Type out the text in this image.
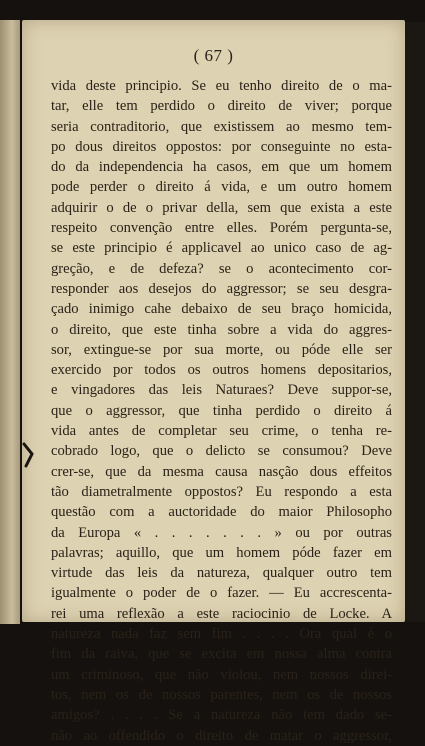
( 67 )
vida deste principio. Se eu tenho direito de o ma-
tar, elle tem perdido o direito de viver; porque
seria contraditorio, que existissem ao mesmo tem-
po dous direitos oppostos: por conseguinte no esta-
do da independencia ha casos, em que um homem
pode perder o direito á vida, e um outro homem
adquirir o de o privar della, sem que exista a este
respeito convenção entre elles. Porém pergunta-se,
se este principio é applicavel ao unico caso de ag-
greção, e de defeza? se o acontecimento cor-
responder aos desejos do aggressor; se seu desgra-
çado inimigo cahe debaixo de seu braço homicida,
o direito, que este tinha sobre a vida do aggres-
sor, extingue-se por sua morte, ou póde elle ser
exercido por todos os outros homens depositarios,
e vingadores das leis Naturaes? Deve suppor-se,
que o aggressor, que tinha perdido o direito á
vida antes de completar seu crime, o tenha re-
cobrado logo, que o delicto se consumou? Deve
crer-se, que da mesma causa nasção dous effeitos
tão diametralmente oppostos? Eu respondo a esta
questão com a auctoridade do maior Philosopho
da Europa « . . . . . . . » ou por outras
palavras; aquillo, que um homem póde fazer em
virtude das leis da natureza, qualquer outro tem
igualmente o poder de o fazer. — Eu accrescenta-
rei uma reflexão a este raciocinio de Locke. A
natureza nada faz sem fim . . . . Ora qual é o
fim da raiva, que se excita em nossa alma contra
um criminoso, que não violou, nem nossos direi-
tos, nem os de nossos parentes, nem os de nossos
amigos? . . . . Se a natureza não tem dado se-
não ao offendido o direito de matar o aggressor,
